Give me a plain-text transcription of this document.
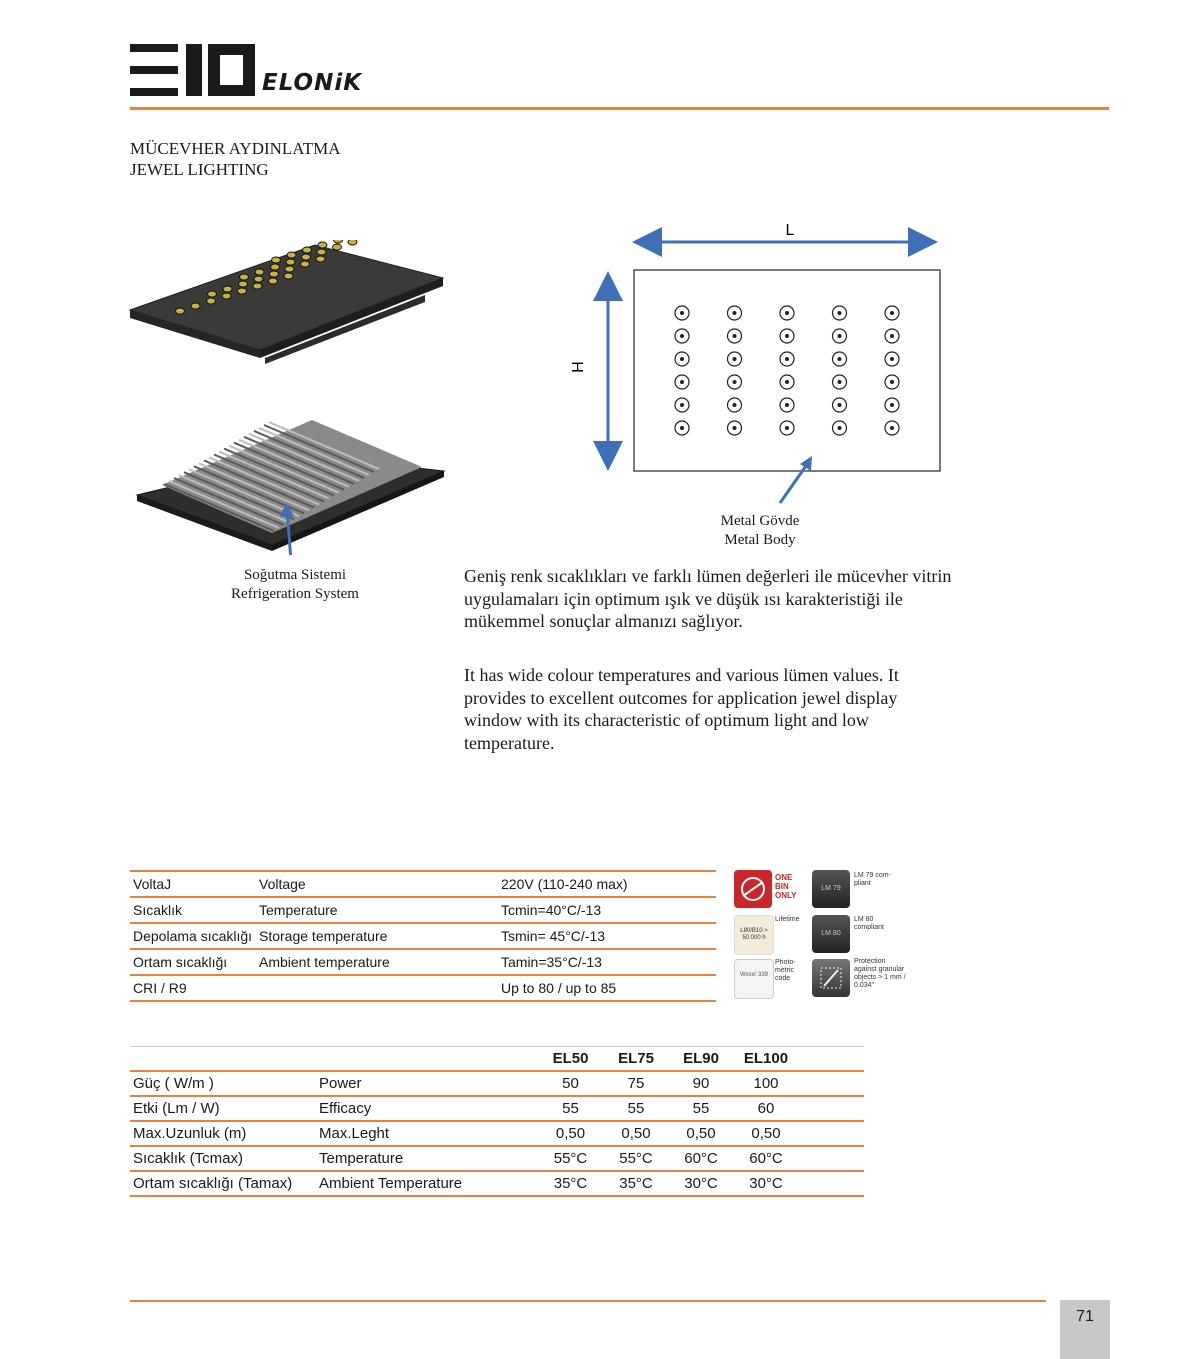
ELONiK
MÜCEVHER AYDINLATMA
JEWEL LIGHTING
Soğutma Sistemi
Refrigeration System
L
H
Metal Gövde
Metal Body
Geniş renk sıcaklıkları ve farklı lümen değerleri ile mücevher vitrin uygulamaları için optimum ışık ve düşük ısı karakteristiği ile mükemmel sonuçlar almanızı sağlıyor.
It has wide colour temperatures and various lümen values. It provides to excellent outcomes for application jewel display window with its characteristic of optimum light and low temperature.
VoltaJ	Voltage	220V (110-240 max)
Sıcaklık	Temperature	Tcmin=40°C/-13
Depolama sıcaklığı	Storage temperature	Tsmin= 45°C/-13
Ortam sıcaklığı	Ambient temperature	Tamin=35°C/-13
CRI / R9		Up to 80 / up to 85
ONE BIN ONLY
LM 79
LM 79 com- pliant
L80/B10 > 50.000 h
Lifetime
LM 80
LM 80 compliant
Wxxx/ 339
Photo- metric code
Protection against granular objects > 1 mm / 0.034"
		EL50	EL75	EL90	EL100	
Güç ( W/m )	Power	50	75	90	100	
Etki (Lm / W)	Efficacy	55	55	55	60	
Max.Uzunluk (m)	Max.Leght	0,50	0,50	0,50	0,50	
Sıcaklık (Tcmax)	Temperature	55°C	55°C	60°C	60°C	
Ortam sıcaklığı (Tamax)	Ambient Temperature	35°C	35°C	30°C	30°C	
71
